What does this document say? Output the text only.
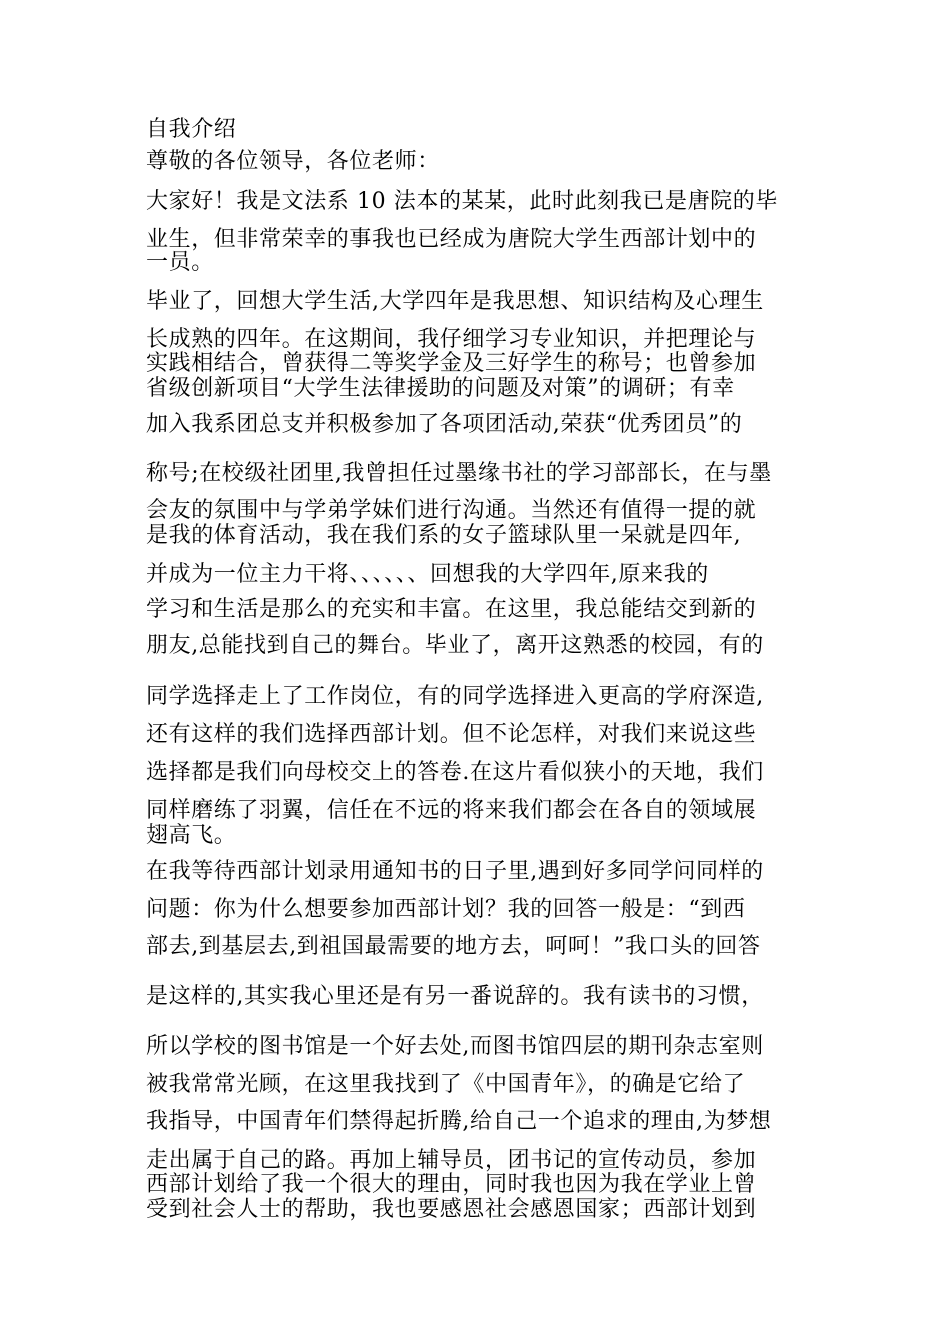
自我介绍

尊敬的各位领导，各位老师：

大家好！我是文法系 10 法本的某某，此时此刻我已是唐院的毕

业生，但非常荣幸的事我也已经成为唐院大学生西部计划中的

一员。

毕业了，回想大学生活,大学四年是我思想、知识结构及心理生

长成熟的四年。在这期间，我仔细学习专业知识，并把理论与

实践相结合，曾获得二等奖学金及三好学生的称号；也曾参加

省级创新项目“大学生法律援助的问题及对策”的调研；有幸

加入我系团总支并积极参加了各项团活动,荣获“优秀团员”的

称号;在校级社团里,我曾担任过墨缘书社的学习部部长，在与墨

会友的氛围中与学弟学妹们进行沟通。当然还有值得一提的就

是我的体育活动，我在我们系的女子篮球队里一呆就是四年,

并成为一位主力干将、、、、、、回想我的大学四年,原来我的

学习和生活是那么的充实和丰富。在这里，我总能结交到新的

朋友,总能找到自己的舞台。毕业了，离开这熟悉的校园，有的

同学选择走上了工作岗位，有的同学选择进入更高的学府深造,

还有这样的我们选择西部计划。但不论怎样，对我们来说这些

选择都是我们向母校交上的答卷.在这片看似狭小的天地，我们

同样磨练了羽翼，信任在不远的将来我们都会在各自的领域展

翅高飞。

在我等待西部计划录用通知书的日子里,遇到好多同学问同样的

问题：你为什么想要参加西部计划？我的回答一般是：“到西

部去,到基层去,到祖国最需要的地方去，呵呵！”我口头的回答

是这样的,其实我心里还是有另一番说辞的。我有读书的习惯，

所以学校的图书馆是一个好去处,而图书馆四层的期刊杂志室则

被我常常光顾，在这里我找到了《中国青年》，的确是它给了

我指导，中国青年们禁得起折腾,给自己一个追求的理由,为梦想

走出属于自己的路。再加上辅导员，团书记的宣传动员，参加

西部计划给了我一个很大的理由，同时我也因为我在学业上曾

受到社会人士的帮助，我也要感恩社会感恩国家；西部计划到
